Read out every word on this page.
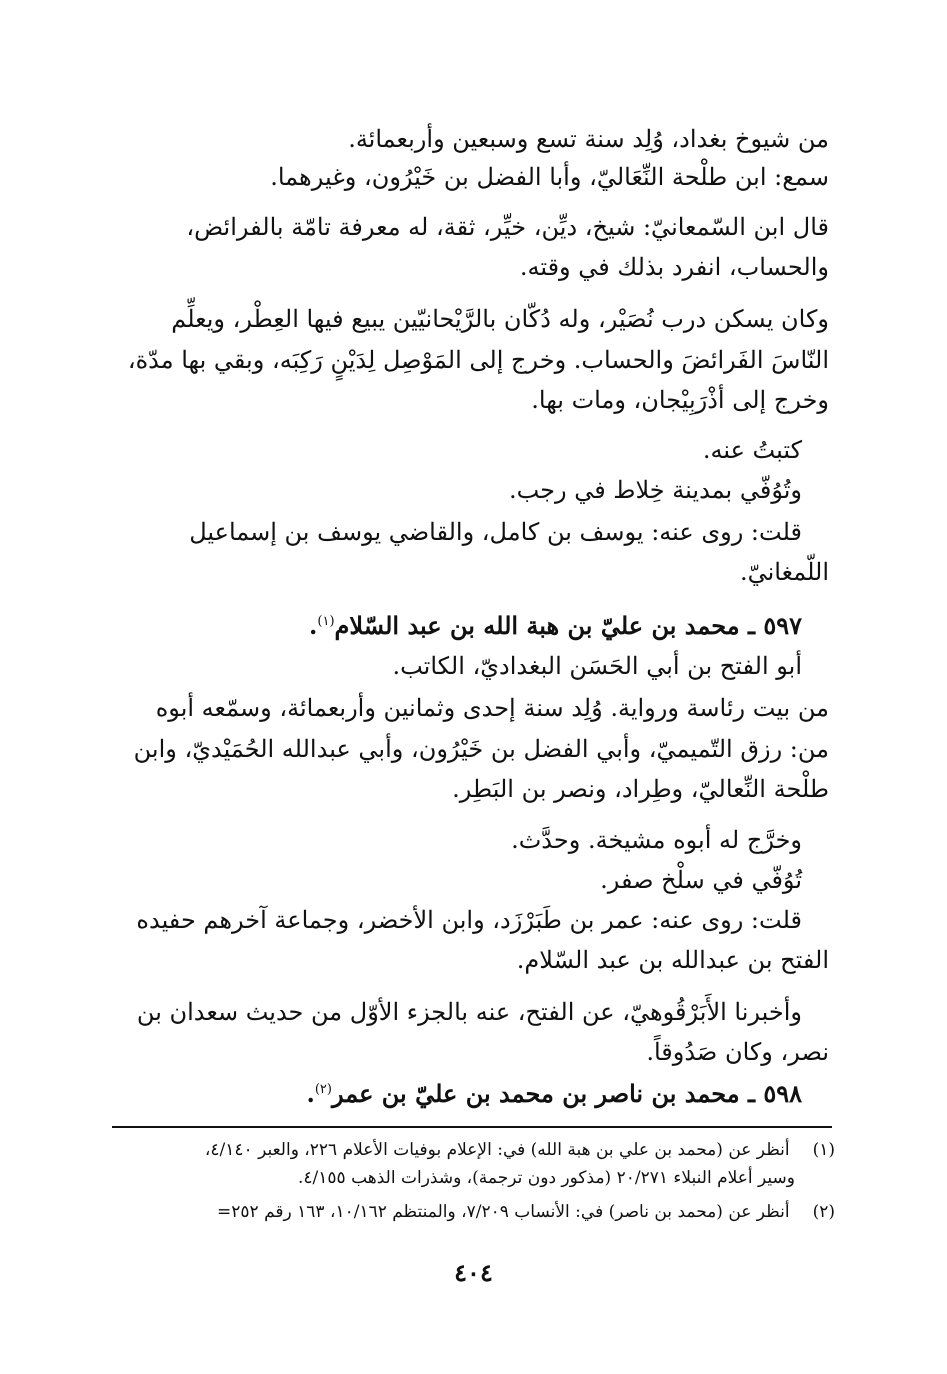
من شيوخ بغداد، وُلِد سنة تسع وسبعين وأربعمائة.
سمع: ابن طلْحة النِّعَاليّ، وأبا الفضل بن خَيْرُون، وغيرهما.
قال ابن السّمعانيّ: شيخ، ديِّن، خيِّر، ثقة، له معرفة تامّة بالفرائض،
والحساب، انفرد بذلك في وقته.
وكان يسكن درب نُصَيْر، وله دُكّان بالرَّيْحانيّين يبيع فيها العِطْر، ويعلِّم
النّاسَ الفَرائضَ والحساب. وخرج إلى المَوْصِل لِدَيْنٍ رَكِبَه، وبقي بها مدّة،
وخرج إلى أذْرَبِيْجان، ومات بها.
كتبتُ عنه.
وتُوُفّي بمدينة خِلاط في رجب.
قلت: روى عنه: يوسف بن كامل، والقاضي يوسف بن إسماعيل
اللّمغانيّ.
٥٩٧ ـ محمد بن عليّ بن هبة الله بن عبد السّلام$^{(١)}$.
أبو الفتح بن أبي الحَسَن البغداديّ، الكاتب.
من بيت رئاسة ورواية. وُلِد سنة إحدى وثمانين وأربعمائة، وسمّعه أبوه
من: رزق التّميميّ، وأبي الفضل بن خَيْرُون، وأبي عبدالله الحُمَيْديّ، وابن
طلْحة النِّعاليّ، وطِراد، ونصر بن البَطِر.
وخرَّج له أبوه مشيخة. وحدَّث.
تُوُفّي في سلْخ صفر.
قلت: روى عنه: عمر بن طَبَرْزَد، وابن الأخضر، وجماعة آخرهم حفيده
الفتح بن عبدالله بن عبد السّلام.
وأخبرنا الأَبَرْقُوهيّ، عن الفتح، عنه بالجزء الأوّل من حديث سعدان بن
نصر، وكان صَدُوقاً.
٥٩٨ ـ محمد بن ناصر بن محمد بن عليّ بن عمر$^{(٢)}$.
(١) أنظر عن (محمد بن علي بن هبة الله) في: الإعلام بوفيات الأعلام ٢٢٦، والعبر ٤/١٤٠،
وسير أعلام النبلاء ٢٠/٢٧١ (مذكور دون ترجمة)، وشذرات الذهب ٤/١٥٥.
(٢) أنظر عن (محمد بن ناصر) في: الأنساب ٧/٢٠٩، والمنتظم ١٠/١٦٢، ١٦٣ رقم ٢٥٢=
٤٠٤
